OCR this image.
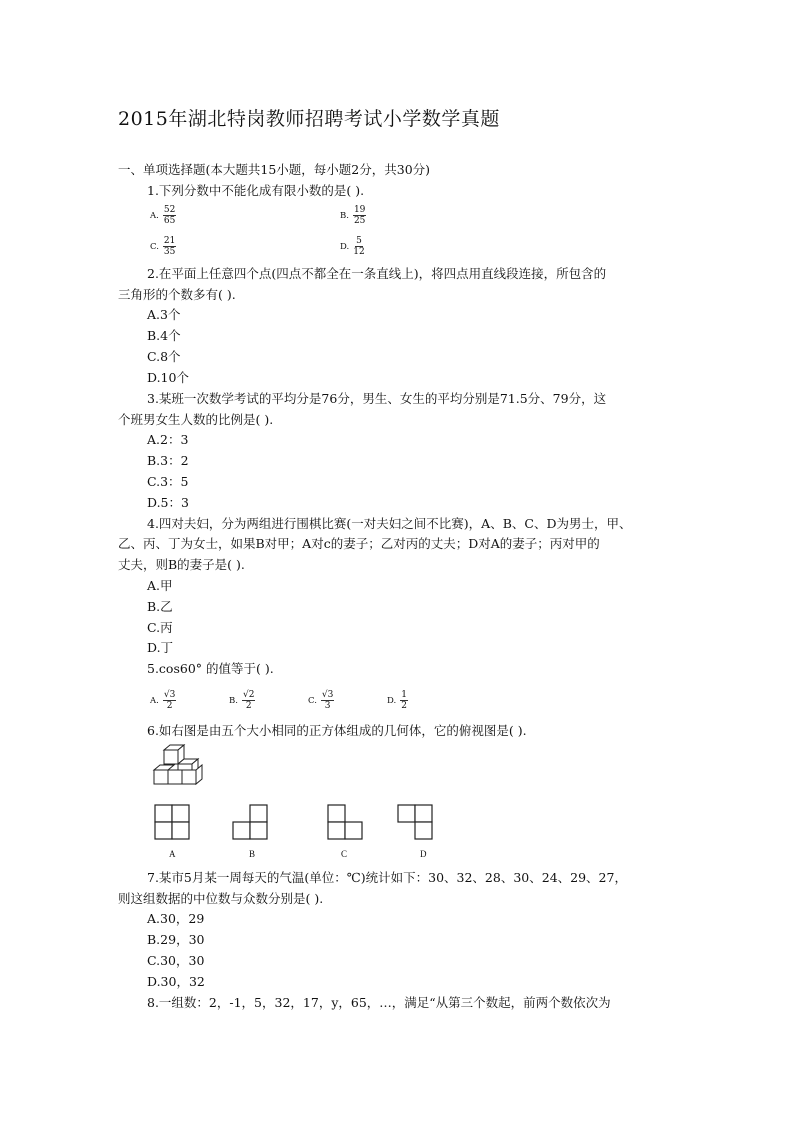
2015年湖北特岗教师招聘考试小学数学真题
一、单项选择题(本大题共15小题，每小题2分，共30分)
1.下列分数中不能化成有限小数的是( ).
A. $\frac{52}{65}$	B. $\frac{19}{25}$
C. $\frac{21}{35}$	D. $\frac{5}{12}$
2.在平面上任意四个点(四点不都全在一条直线上)，将四点用直线段连接，所包含的
三角形的个数多有( ).
A.3个
B.4个
C.8个
D.10个
3.某班一次数学考试的平均分是76分，男生、女生的平均分别是71.5分、79分，这
个班男女生人数的比例是( ).
A.2：3
B.3：2
C.3：5
D.5：3
4.四对夫妇，分为两组进行围棋比赛(一对夫妇之间不比赛)，A、B、C、D为男士，甲、
乙、丙、丁为女士，如果B对甲；A对c的妻子；乙对丙的丈夫；D对A的妻子；丙对甲的
丈夫，则B的妻子是( ).
A.甲
B.乙
C.丙
D.丁
5.cos60° 的值等于( ).
A. $\frac{√3}{2}$	B. $\frac{√2}{2}$	C. $\frac{√3}{3}$	D. $\frac{1}{2}$
6.如右图是由五个大小相同的正方体组成的几何体，它的俯视图是( ).
A	B	C	D
7.某市5月某一周每天的气温(单位：℃)统计如下：30、32、28、30、24、29、27，
则这组数据的中位数与众数分别是( ).
A.30，29
B.29，30
C.30，30
D.30，32
8.一组数：2，-1，5，32，17，y，65，…，满足“从第三个数起，前两个数依次为
